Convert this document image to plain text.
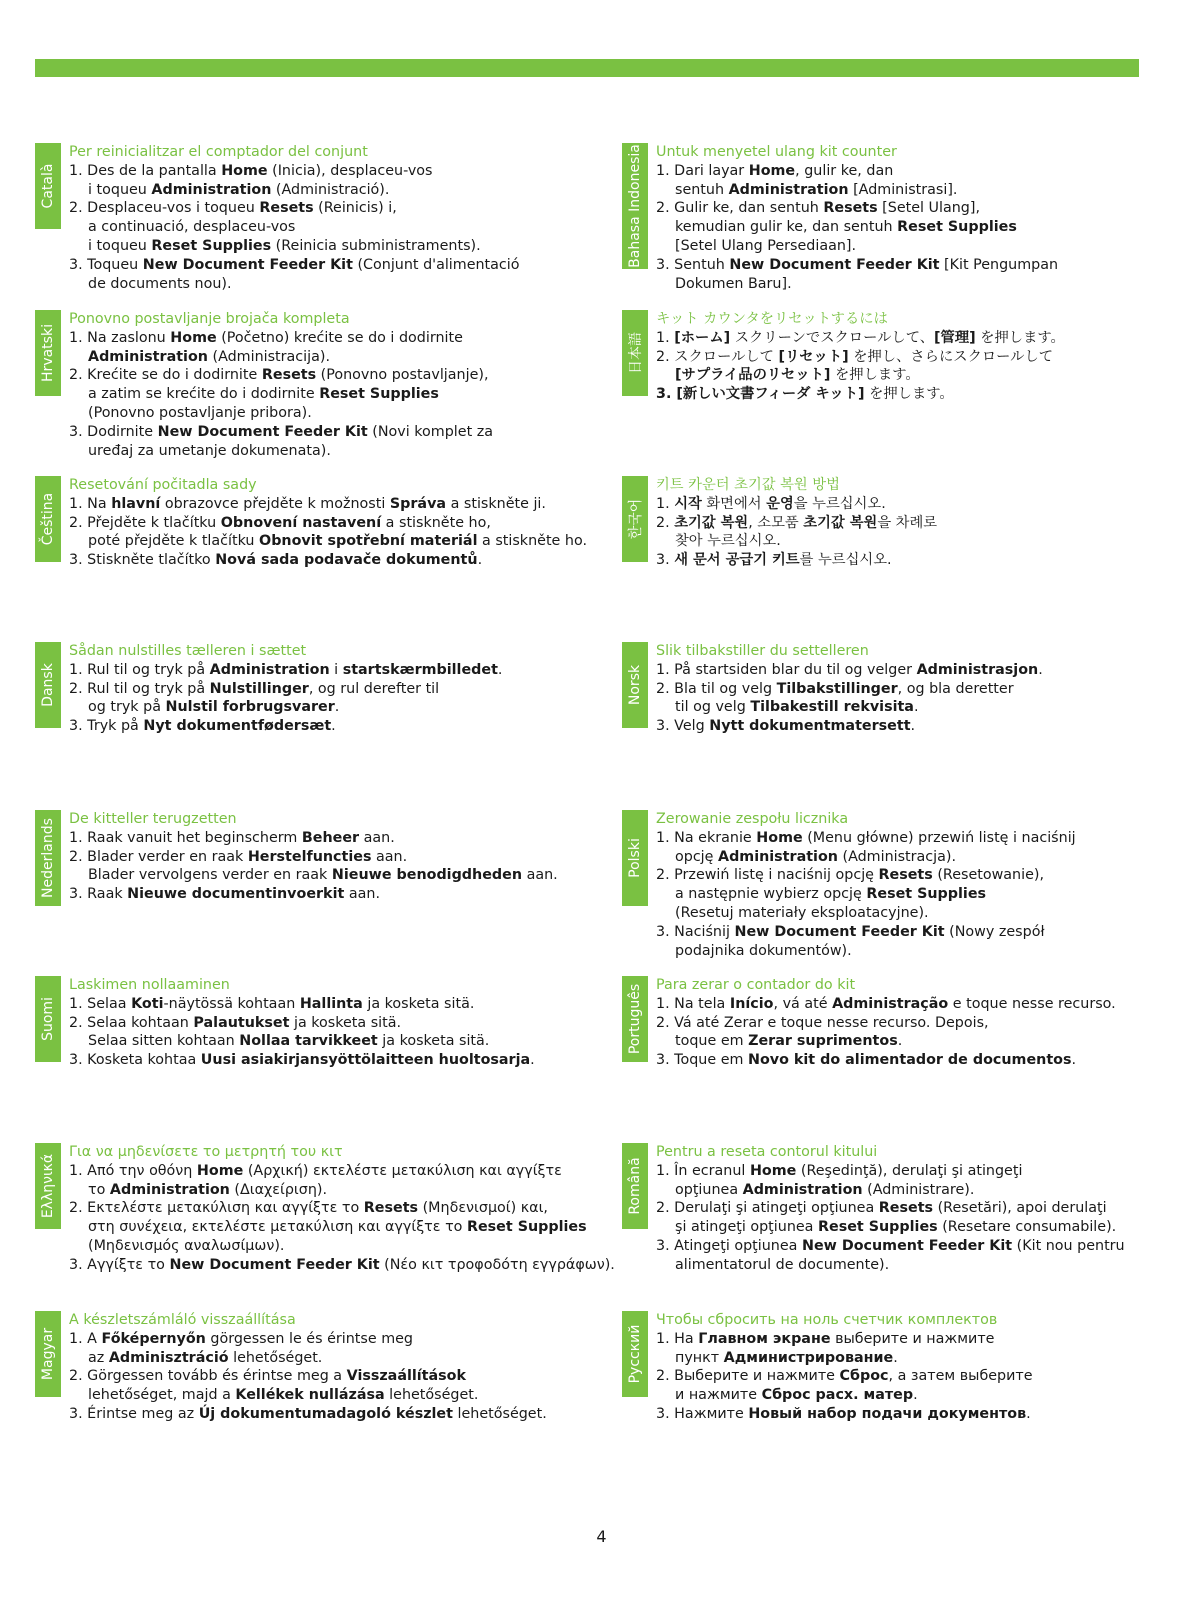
Català
Per reinicialitzar el comptador del conjunt
1. Des de la pantalla Home (Inicia), desplaceu-vos
i toqueu Administration (Administració).
2. Desplaceu-vos i toqueu Resets (Reinicis) i,
a continuació, desplaceu-vos
i toqueu Reset Supplies (Reinicia subministraments).
3. Toqueu New Document Feeder Kit (Conjunt d'alimentació
de documents nou).
Bahasa Indonesia Untuk menyetel ulang kit counter
1. Dari layar Home, gulir ke, dan
sentuh Administration [Administrasi].
2. Gulir ke, dan sentuh Resets [Setel Ulang],
kemudian gulir ke, dan sentuh Reset Supplies
[Setel Ulang Persediaan].
3. Sentuh New Document Feeder Kit [Kit Pengumpan
Dokumen Baru].
Hrvatski
Ponovno postavljanje brojača kompleta
1. Na zaslonu Home (Početno) krećite se do i dodirnite
Administration (Administracija).
2. Krećite se do i dodirnite Resets (Ponovno postavljanje),
a zatim se krećite do i dodirnite Reset Supplies
(Ponovno postavljanje pribora).
3. Dodirnite New Document Feeder Kit (Novi komplet za
uređaj za umetanje dokumenata).
日本語
キット カウンタをリセットするには
1. [ホーム] スクリーンでスクロールして、[管理] を押します。
2. スクロールして [リセット] を押し、さらにスクロールして
[サプライ品のリセット] を押します。
3. [新しい文書フィーダ キット] を押します。
Čeština
Resetování počitadla sady
1. Na hlavní obrazovce přejděte k možnosti Správa a stiskněte ji.
2. Přejděte k tlačítku Obnovení nastavení a stiskněte ho,
poté přejděte k tlačítku Obnovit spotřební materiál a stiskněte ho.
3. Stiskněte tlačítko Nová sada podavače dokumentů.
한국어
키트 카운터 초기값 복원 방법
1. 시작 화면에서 운영을 누르십시오.
2. 초기값 복원, 소모품 초기값 복원을 차례로
찾아 누르십시오.
3. 새 문서 공급기 키트를 누르십시오.
Dansk
Sådan nulstilles tælleren i sættet
1. Rul til og tryk på Administration i startskærmbilledet.
2. Rul til og tryk på Nulstillinger, og rul derefter til
og tryk på Nulstil forbrugsvarer.
3. Tryk på Nyt dokumentfødersæt.
Norsk
Slik tilbakstiller du settelleren
1. På startsiden blar du til og velger Administrasjon.
2. Bla til og velg Tilbakstillinger, og bla deretter
til og velg Tilbakestill rekvisita.
3. Velg Nytt dokumentmatersett.
Nederlands De kitteller terugzetten
1. Raak vanuit het beginscherm Beheer aan.
2. Blader verder en raak Herstelfuncties aan.
Blader vervolgens verder en raak Nieuwe benodigdheden aan.
3. Raak Nieuwe documentinvoerkit aan.
Polski
Zerowanie zespołu licznika
1. Na ekranie Home (Menu główne) przewiń listę i naciśnij
opcję Administration (Administracja).
2. Przewiń listę i naciśnij opcję Resets (Resetowanie),
a następnie wybierz opcję Reset Supplies
(Resetuj materiały eksploatacyjne).
3. Naciśnij New Document Feeder Kit (Nowy zespół
podajnika dokumentów).
Suomi
Laskimen nollaaminen
1. Selaa Koti-näytössä kohtaan Hallinta ja kosketa sitä.
2. Selaa kohtaan Palautukset ja kosketa sitä.
Selaa sitten kohtaan Nollaa tarvikkeet ja kosketa sitä.
3. Kosketa kohtaa Uusi asiakirjansyöttölaitteen huoltosarja.
Português Para zerar o contador do kit
1. Na tela Início, vá até Administração e toque nesse recurso.
2. Vá até Zerar e toque nesse recurso. Depois,
toque em Zerar suprimentos.
3. Toque em Novo kit do alimentador de documentos.
Ελληνικά
Για να μηδενίσετε το μετρητή του κιτ
1. Από την οθόνη Home (Αρχική) εκτελέστε μετακύλιση και αγγίξτε
το Administration (Διαχείριση).
2. Εκτελέστε μετακύλιση και αγγίξτε το Resets (Μηδενισμοί) και,
στη συνέχεια, εκτελέστε μετακύλιση και αγγίξτε το Reset Supplies
(Μηδενισμός αναλωσίμων).
3. Αγγίξτε το New Document Feeder Kit (Νέο κιτ τροφοδότη εγγράφων).
Română
Pentru a reseta contorul kitului
1. În ecranul Home (Reşedinţă), derulaţi şi atingeţi
opţiunea Administration (Administrare).
2. Derulaţi şi atingeţi opţiunea Resets (Resetări), apoi derulaţi
şi atingeţi opţiunea Reset Supplies (Resetare consumabile).
3. Atingeţi opţiunea New Document Feeder Kit (Kit nou pentru
alimentatorul de documente).
Magyar
A készletszámláló visszaállítása
1. A Főképernyőn görgessen le és érintse meg
az Adminisztráció lehetőséget.
2. Görgessen tovább és érintse meg a Visszaállítások
lehetőséget, majd a Kellékek nullázása lehetőséget.
3. Érintse meg az Új dokumentumadagoló készlet lehetőséget.
Русский
Чтобы сбросить на ноль счетчик комплектов
1. На Главном экране выберите и нажмите
пункт Администрирование.
2. Выберите и нажмите Сброс, а затем выберите
и нажмите Сброс расх. матер.
3. Нажмите Новый набор подачи документов.
4
